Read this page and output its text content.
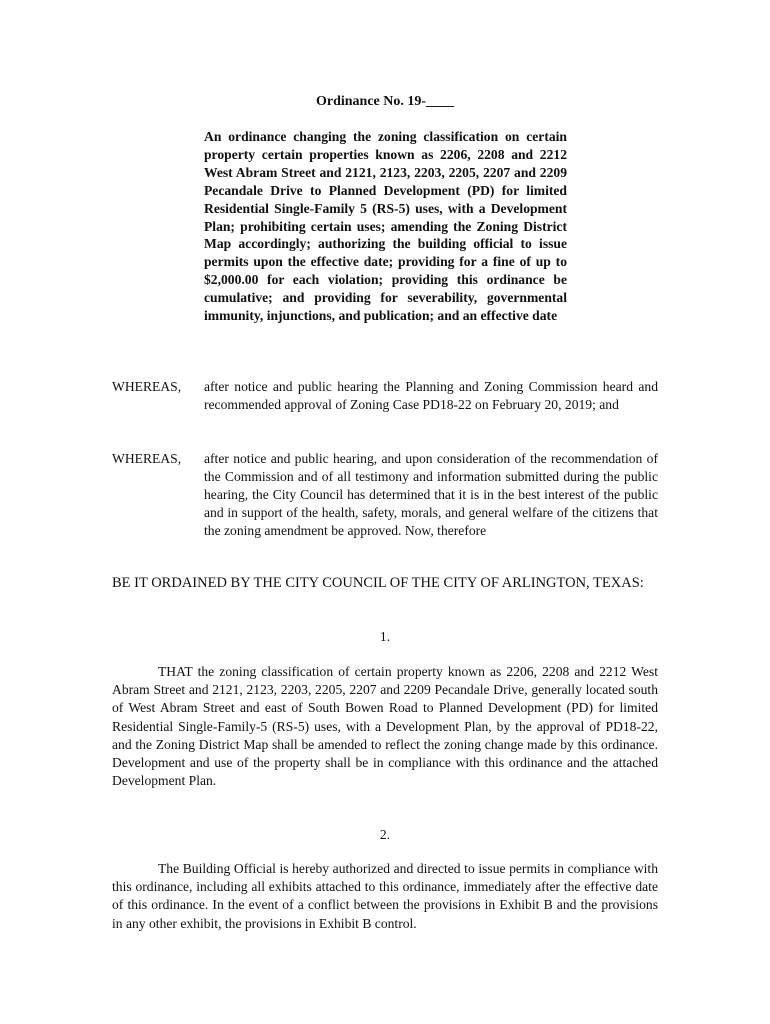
Ordinance No. 19-____
An ordinance changing the zoning classification on certain property certain properties known as 2206, 2208 and 2212 West Abram Street and 2121, 2123, 2203, 2205, 2207 and 2209 Pecandale Drive to Planned Development (PD) for limited Residential Single-Family 5 (RS-5) uses, with a Development Plan; prohibiting certain uses; amending the Zoning District Map accordingly; authorizing the building official to issue permits upon the effective date; providing for a fine of up to $2,000.00 for each violation; providing this ordinance be cumulative; and providing for severability, governmental immunity, injunctions, and publication; and an effective date
WHEREAS, after notice and public hearing the Planning and Zoning Commission heard and recommended approval of Zoning Case PD18-22 on February 20, 2019; and
WHEREAS, after notice and public hearing, and upon consideration of the recommendation of the Commission and of all testimony and information submitted during the public hearing, the City Council has determined that it is in the best interest of the public and in support of the health, safety, morals, and general welfare of the citizens that the zoning amendment be approved. Now, therefore
BE IT ORDAINED BY THE CITY COUNCIL OF THE CITY OF ARLINGTON, TEXAS:
1.
THAT the zoning classification of certain property known as 2206, 2208 and 2212 West Abram Street and 2121, 2123, 2203, 2205, 2207 and 2209 Pecandale Drive, generally located south of West Abram Street and east of South Bowen Road to Planned Development (PD) for limited Residential Single-Family-5 (RS-5) uses, with a Development Plan, by the approval of PD18-22, and the Zoning District Map shall be amended to reflect the zoning change made by this ordinance. Development and use of the property shall be in compliance with this ordinance and the attached Development Plan.
2.
The Building Official is hereby authorized and directed to issue permits in compliance with this ordinance, including all exhibits attached to this ordinance, immediately after the effective date of this ordinance. In the event of a conflict between the provisions in Exhibit B and the provisions in any other exhibit, the provisions in Exhibit B control.
